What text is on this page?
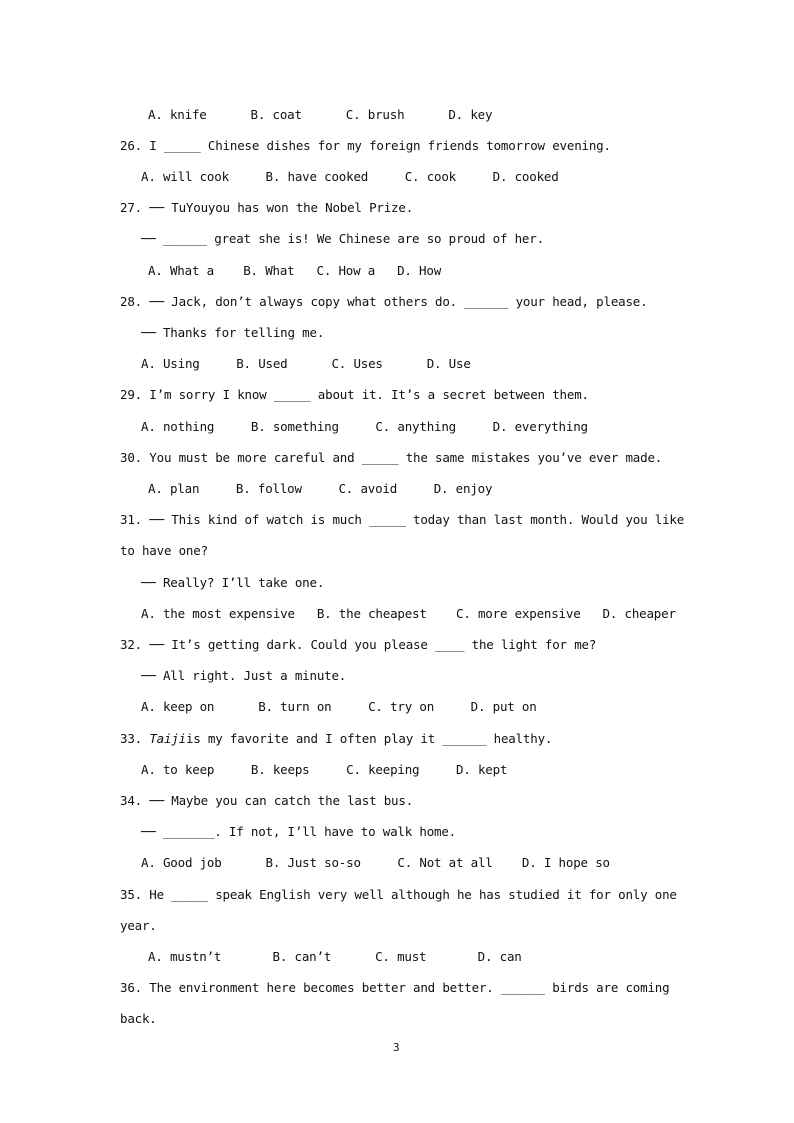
A. knife      B. coat      C. brush      D. key
26. I _____ Chinese dishes for my foreign friends tomorrow evening.
A. will cook     B. have cooked     C. cook     D. cooked
27. ── TuYouyou has won the Nobel Prize.
── ______ great she is! We Chinese are so proud of her.
A. What a    B. What   C. How a   D. How
28. ── Jack, don’t always copy what others do. ______ your head, please.
── Thanks for telling me.
A. Using     B. Used      C. Uses      D. Use
29. I’m sorry I know _____ about it. It’s a secret between them.
A. nothing     B. something     C. anything     D. everything
30. You must be more careful and _____ the same mistakes you’ve ever made.
A. plan     B. follow     C. avoid     D. enjoy
31. ── This kind of watch is much _____ today than last month. Would you like
to have one?
── Really? I’ll take one.
A. the most expensive   B. the cheapest    C. more expensive   D. cheaper
32. ── It’s getting dark. Could you please ____ the light for me?
── All right. Just a minute.
A. keep on      B. turn on     C. try on     D. put on
33. Taijiis my favorite and I often play it ______ healthy.
A. to keep     B. keeps     C. keeping     D. kept
34. ── Maybe you can catch the last bus.
── _______. If not, I’ll have to walk home.
A. Good job      B. Just so-so     C. Not at all    D. I hope so
35. He _____ speak English very well although he has studied it for only one
year.
A. mustn’t       B. can’t      C. must       D. can
36. The environment here becomes better and better. ______ birds are coming
back.
3
